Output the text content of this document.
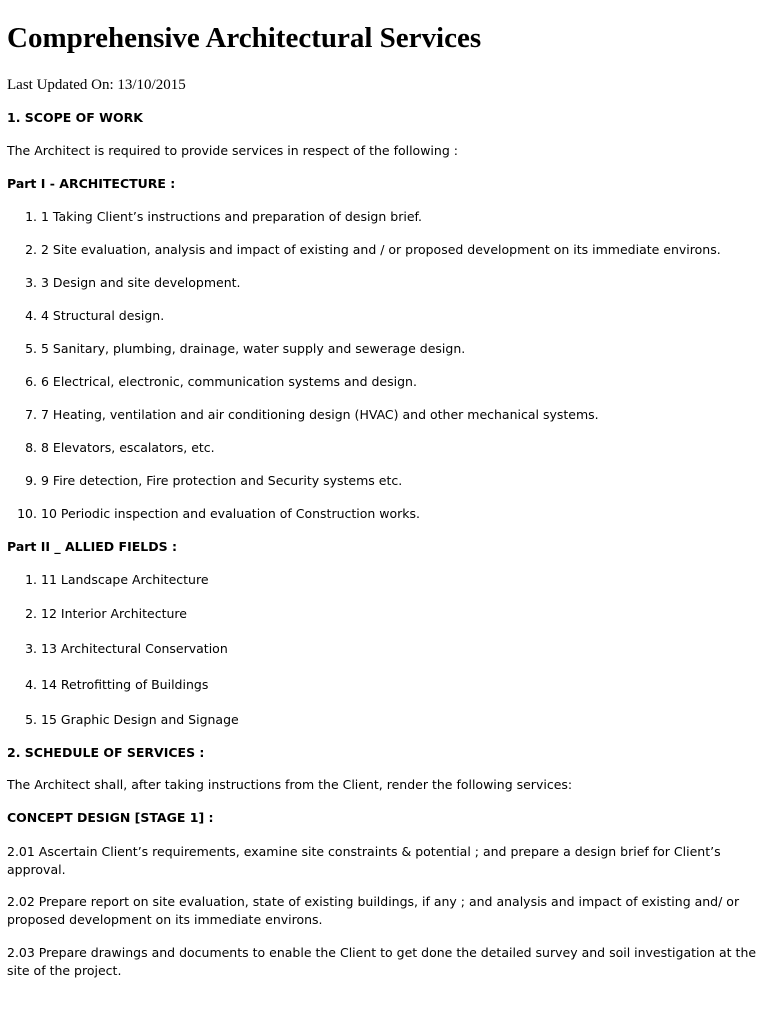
Comprehensive Architectural Services
Last Updated On: 13/10/2015
1. SCOPE OF WORK
The Architect is required to provide services in respect of the following :
Part I - ARCHITECTURE :
1. 1 Taking Client’s instructions and preparation of design brief.
2. 2 Site evaluation, analysis and impact of existing and / or proposed development on its immediate environs.
3. 3 Design and site development.
4. 4 Structural design.
5. 5 Sanitary, plumbing, drainage, water supply and sewerage design.
6. 6 Electrical, electronic, communication systems and design.
7. 7 Heating, ventilation and air conditioning design (HVAC) and other mechanical systems.
8. 8 Elevators, escalators, etc.
9. 9 Fire detection, Fire protection and Security systems etc.
10. 10 Periodic inspection and evaluation of Construction works.
Part II _ ALLIED FIELDS :
1. 11 Landscape Architecture
2. 12 Interior Architecture
3. 13 Architectural Conservation
4. 14 Retrofitting of Buildings
5. 15 Graphic Design and Signage
2. SCHEDULE OF SERVICES :
The Architect shall, after taking instructions from the Client, render the following services:
CONCEPT DESIGN [STAGE 1] :
2.01 Ascertain Client’s requirements, examine site constraints & potential ; and prepare a design brief for Client’s approval.
2.02 Prepare report on site evaluation, state of existing buildings, if any ; and analysis and impact of existing and/ or proposed development on its immediate environs.
2.03 Prepare drawings and documents to enable the Client to get done the detailed survey and soil investigation at the site of the project.
